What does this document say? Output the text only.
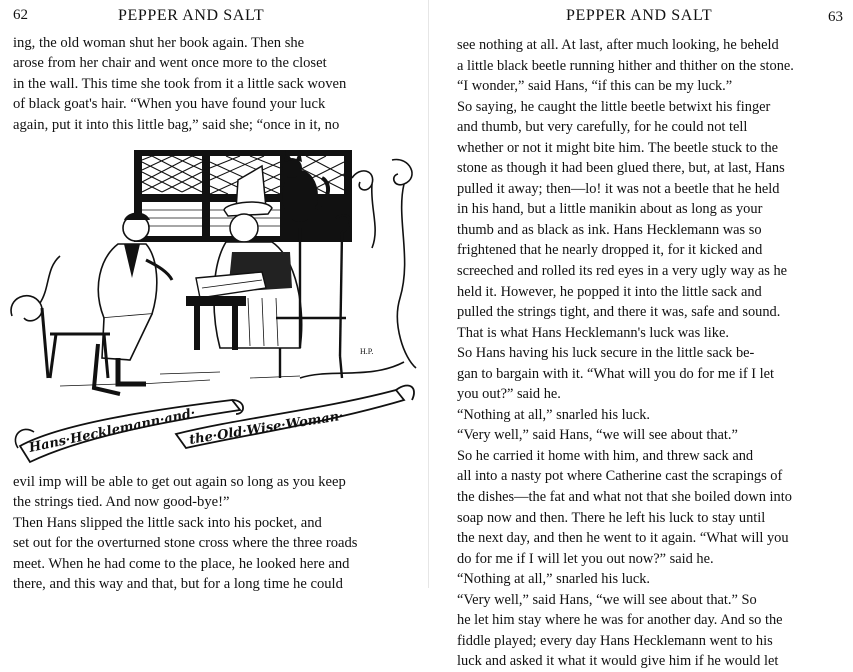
62	PEPPER AND SALT
ing, the old woman shut her book again. Then she
arose from her chair and went once more to the closet
in the wall. This time she took from it a little sack woven
of black goat's hair. “When you have found your luck
again, put it into this little bag,” said she; “once in it, no
H.P.
Hans·Hecklemann·and·
the·Old·Wise·Woman·
evil imp will be able to get out again so long as you keep
the strings tied. And now good-bye!”
Then Hans slipped the little sack into his pocket, and
set out for the overturned stone cross where the three roads
meet. When he had come to the place, he looked here and
there, and this way and that, but for a long time he could
PEPPER AND SALT	63
see nothing at all. At last, after much looking, he beheld
a little black beetle running hither and thither on the stone.
“I wonder,” said Hans, “if this can be my luck.”
So saying, he caught the little beetle betwixt his finger
and thumb, but very carefully, for he could not tell
whether or not it might bite him. The beetle stuck to the
stone as though it had been glued there, but, at last, Hans
pulled it away; then—lo! it was not a beetle that he held
in his hand, but a little manikin about as long as your
thumb and as black as ink. Hans Hecklemann was so
frightened that he nearly dropped it, for it kicked and
screeched and rolled its red eyes in a very ugly way as he
held it. However, he popped it into the little sack and
pulled the strings tight, and there it was, safe and sound.
That is what Hans Hecklemann's luck was like.
So Hans having his luck secure in the little sack be-
gan to bargain with it. “What will you do for me if I let
you out?” said he.
“Nothing at all,” snarled his luck.
“Very well,” said Hans, “we will see about that.”
So he carried it home with him, and threw sack and
all into a nasty pot where Catherine cast the scrapings of
the dishes—the fat and what not that she boiled down into
soap now and then. There he left his luck to stay until
the next day, and then he went to it again. “What will you
do for me if I will let you out now?” said he.
“Nothing at all,” snarled his luck.
“Very well,” said Hans, “we will see about that.” So
he let him stay where he was for another day. And so the
fiddle played; every day Hans Hecklemann went to his
luck and asked it what it would give him if he would let
